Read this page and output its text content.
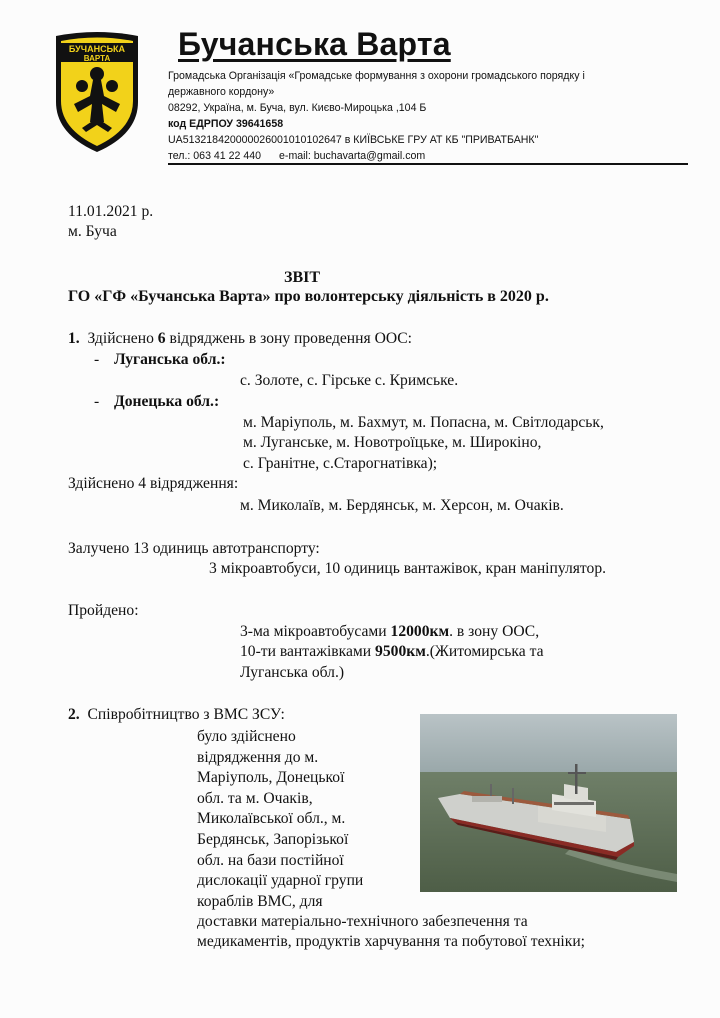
БУЧАНСЬКА
ВАРТА Бучанська Варта
Громадська Організація «Громадське формування з охорони громадського порядку і
державного кордону»
08292, Україна, м. Буча, вул. Києво-Мироцька ,104 Б
код ЕДРПОУ 39641658
UA513218420000026001010102647 в КИЇВСЬКЕ ГРУ АТ КБ "ПРИВАТБАНК"
тел.: 063 41 22 440 e-mail: buchavarta@gmail.com
11.01.2021 р.
м. Буча
ЗВІТ
ГО «ГФ «Бучанська Варта» про волонтерську діяльність в 2020 р.
1. Здійснено 6 відряджень в зону проведення ООС:
- Луганська обл.:
с. Золоте, с. Гірське с. Кримське.
- Донецька обл.:
м. Маріуполь, м. Бахмут, м. Попасна, м. Світлодарськ,
м. Луганське, м. Новотроїцьке, м. Широкіно,
с. Гранітне, с.Старогнатівка);
Здійснено 4 відрядження:
м. Миколаїв, м. Бердянськ, м. Херсон, м. Очаків.
Залучено 13 одиниць автотранспорту:
3 мікроавтобуси, 10 одиниць вантажівок, кран маніпулятор.
Пройдено:
3-ма мікроавтобусами 12000км. в зону ООС,
10-ти вантажівками 9500км.(Житомирська та
Луганська обл.)
2. Співробітництво з ВМС ЗСУ:
було здійснено
відрядження до м.
Маріуполь, Донецької
обл. та м. Очаків,
Миколаївської обл., м.
Бердянськ, Запорізької
обл. на бази постійної
дислокації ударної групи
кораблів ВМС, для
доставки матеріально-технічного забезпечення та
медикаментів, продуктів харчування та побутової техніки;
